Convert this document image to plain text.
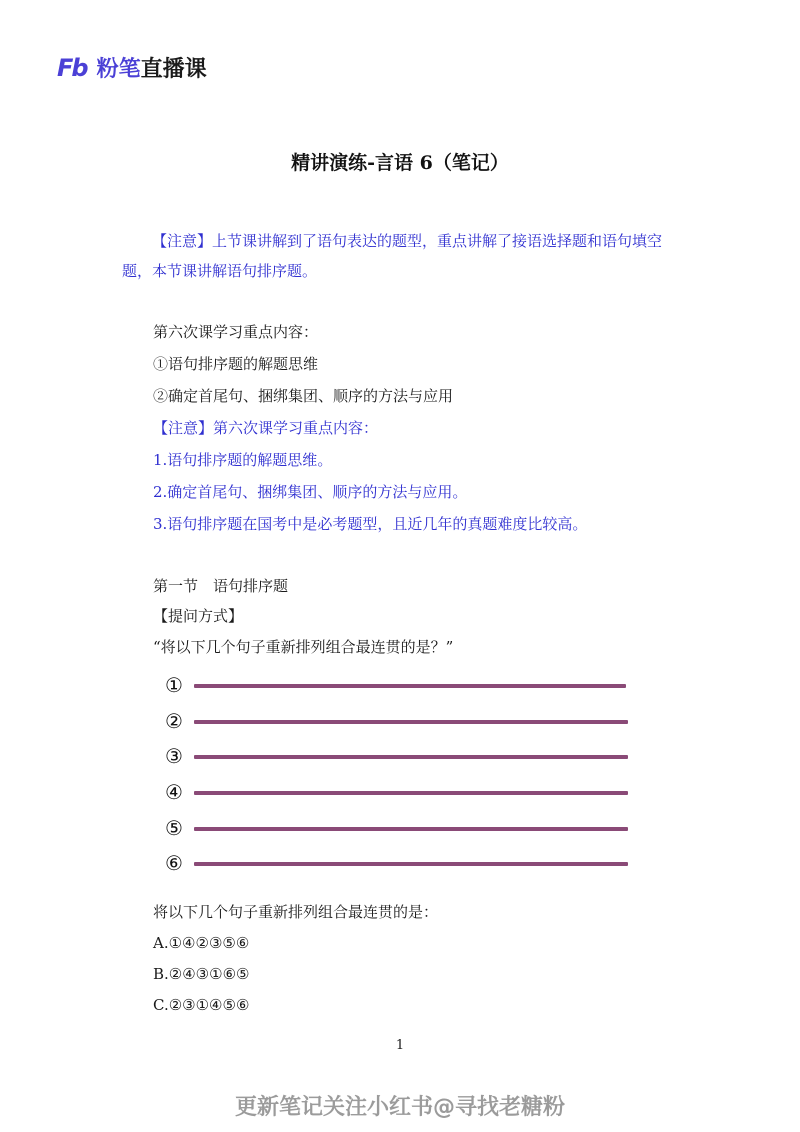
Fb 粉笔 直播课
精讲演练-言语 6（笔记）
【注意】上节课讲解到了语句表达的题型，重点讲解了接语选择题和语句填空题，本节课讲解语句排序题。
第六次课学习重点内容：
①语句排序题的解题思维
②确定首尾句、捆绑集团、顺序的方法与应用
【注意】第六次课学习重点内容：
1.语句排序题的解题思维。
2.确定首尾句、捆绑集团、顺序的方法与应用。
3.语句排序题在国考中是必考题型，且近几年的真题难度比较高。
第一节　语句排序题
【提问方式】
“将以下几个句子重新排列组合最连贯的是？”
①
②
③
④
⑤
⑥
将以下几个句子重新排列组合最连贯的是：
A.①④②③⑤⑥
B.②④③①⑥⑤
C.②③①④⑤⑥
1
更新笔记关注小红书@寻找老糖粉
